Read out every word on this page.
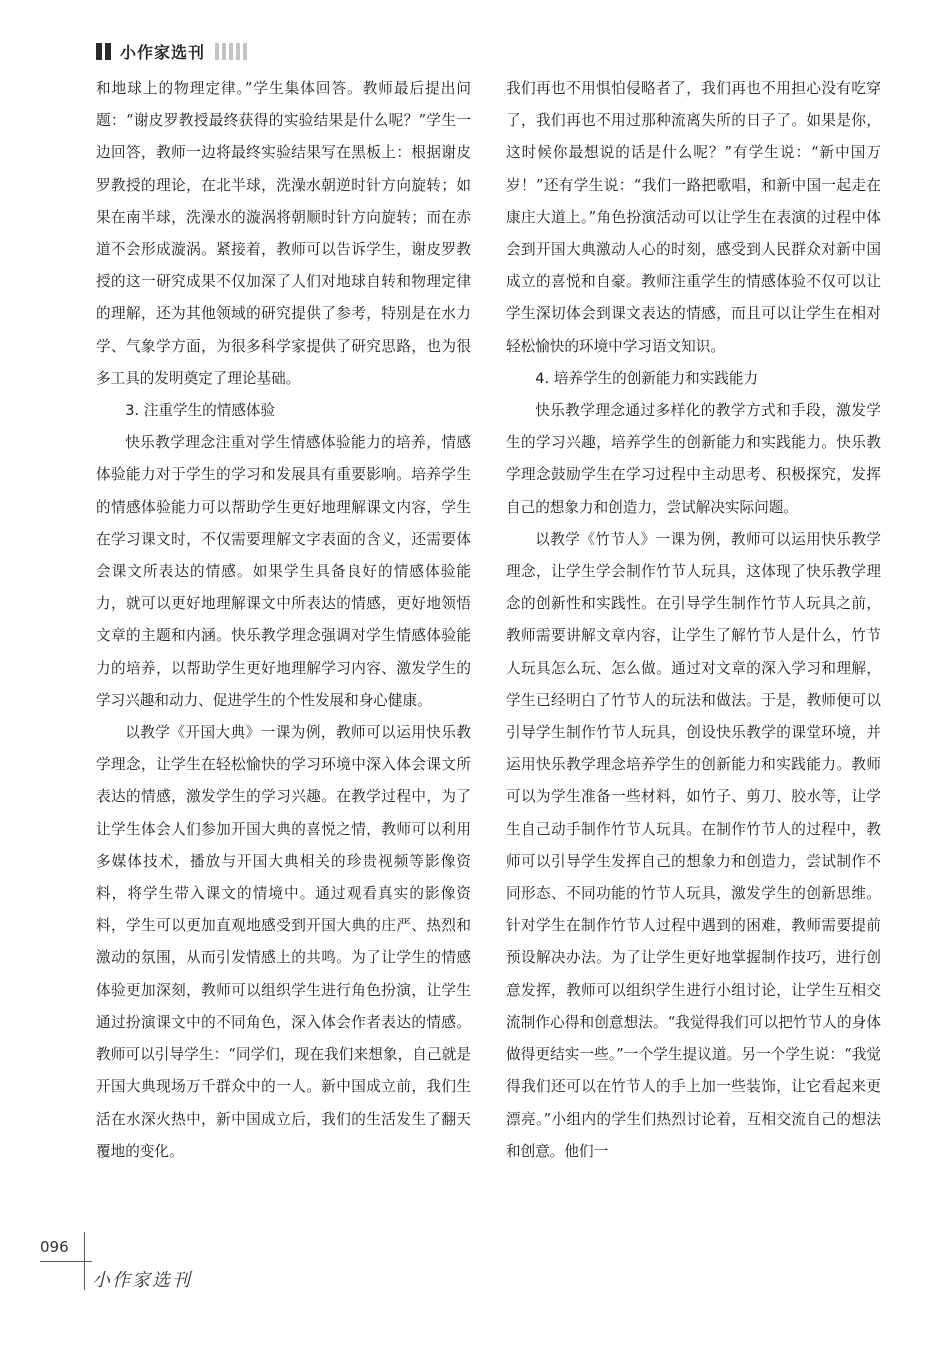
小作家选刊

和地球上的物理定律。”学生集体回答。教师最后提出问题：“谢皮罗教授最终获得的实验结果是什么呢？”学生一边回答，教师一边将最终实验结果写在黑板上：根据谢皮罗教授的理论，在北半球，洗澡水朝逆时针方向旋转；如果在南半球，洗澡水的漩涡将朝顺时针方向旋转；而在赤道不会形成漩涡。紧接着，教师可以告诉学生，谢皮罗教授的这一研究成果不仅加深了人们对地球自转和物理定律的理解，还为其他领域的研究提供了参考，特别是在水力学、气象学方面，为很多科学家提供了研究思路，也为很多工具的发明奠定了理论基础。

3. 注重学生的情感体验

快乐教学理念注重对学生情感体验能力的培养，情感体验能力对于学生的学习和发展具有重要影响。培养学生的情感体验能力可以帮助学生更好地理解课文内容，学生在学习课文时，不仅需要理解文字表面的含义，还需要体会课文所表达的情感。如果学生具备良好的情感体验能力，就可以更好地理解课文中所表达的情感，更好地领悟文章的主题和内涵。快乐教学理念强调对学生情感体验能力的培养，以帮助学生更好地理解学习内容、激发学生的学习兴趣和动力、促进学生的个性发展和身心健康。

以教学《开国大典》一课为例，教师可以运用快乐教学理念，让学生在轻松愉快的学习环境中深入体会课文所表达的情感，激发学生的学习兴趣。在教学过程中，为了让学生体会人们参加开国大典的喜悦之情，教师可以利用多媒体技术，播放与开国大典相关的珍贵视频等影像资料，将学生带入课文的情境中。通过观看真实的影像资料，学生可以更加直观地感受到开国大典的庄严、热烈和激动的氛围，从而引发情感上的共鸣。为了让学生的情感体验更加深刻，教师可以组织学生进行角色扮演，让学生通过扮演课文中的不同角色，深入体会作者表达的情感。教师可以引导学生：“同学们，现在我们来想象，自己就是开国大典现场万千群众中的一人。新中国成立前，我们生活在水深火热中，新中国成立后，我们的生活发生了翻天覆地的变化。

我们再也不用惧怕侵略者了，我们再也不用担心没有吃穿了，我们再也不用过那种流离失所的日子了。如果是你，这时候你最想说的话是什么呢？”有学生说：“新中国万岁！”还有学生说：“我们一路把歌唱，和新中国一起走在康庄大道上。”角色扮演活动可以让学生在表演的过程中体会到开国大典激动人心的时刻，感受到人民群众对新中国成立的喜悦和自豪。教师注重学生的情感体验不仅可以让学生深切体会到课文表达的情感，而且可以让学生在相对轻松愉快的环境中学习语文知识。

4. 培养学生的创新能力和实践能力

快乐教学理念通过多样化的教学方式和手段，激发学生的学习兴趣，培养学生的创新能力和实践能力。快乐教学理念鼓励学生在学习过程中主动思考、积极探究，发挥自己的想象力和创造力，尝试解决实际问题。

以教学《竹节人》一课为例，教师可以运用快乐教学理念，让学生学会制作竹节人玩具，这体现了快乐教学理念的创新性和实践性。在引导学生制作竹节人玩具之前，教师需要讲解文章内容，让学生了解竹节人是什么，竹节人玩具怎么玩、怎么做。通过对文章的深入学习和理解，学生已经明白了竹节人的玩法和做法。于是，教师便可以引导学生制作竹节人玩具，创设快乐教学的课堂环境，并运用快乐教学理念培养学生的创新能力和实践能力。教师可以为学生准备一些材料，如竹子、剪刀、胶水等，让学生自己动手制作竹节人玩具。在制作竹节人的过程中，教师可以引导学生发挥自己的想象力和创造力，尝试制作不同形态、不同功能的竹节人玩具，激发学生的创新思维。针对学生在制作竹节人过程中遇到的困难，教师需要提前预设解决办法。为了让学生更好地掌握制作技巧，进行创意发挥，教师可以组织学生进行小组讨论，让学生互相交流制作心得和创意想法。“我觉得我们可以把竹节人的身体做得更结实一些。”一个学生提议道。另一个学生说：“我觉得我们还可以在竹节人的手上加一些装饰，让它看起来更漂亮。”小组内的学生们热烈讨论着，互相交流自己的想法和创意。他们一

096
小作家选刊
